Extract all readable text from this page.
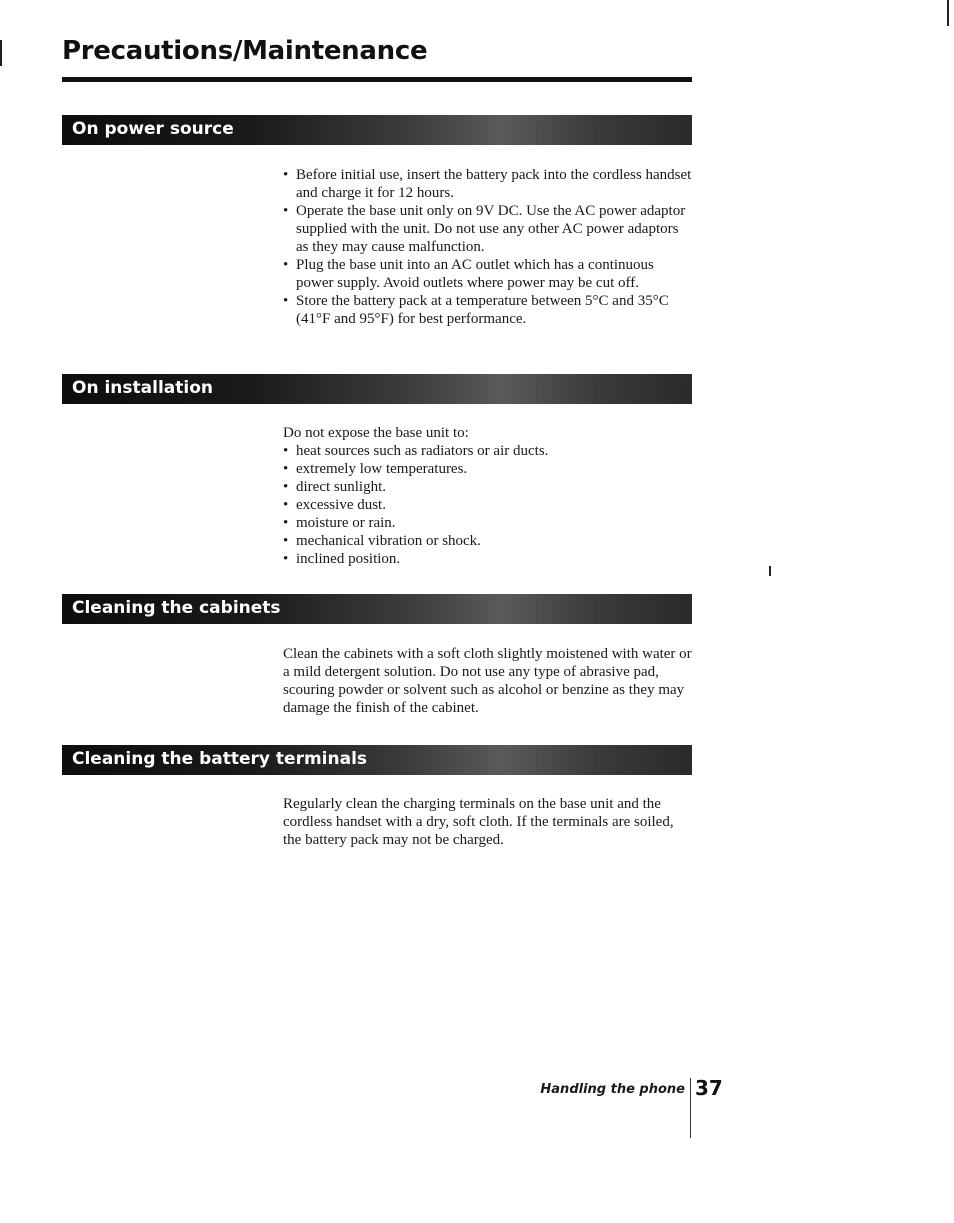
Precautions/Maintenance
On power source
• Before initial use, insert the battery pack into the cordless handset and charge it for 12 hours.
• Operate the base unit only on 9V DC. Use the AC power adaptor supplied with the unit. Do not use any other AC power adaptors as they may cause malfunction.
• Plug the base unit into an AC outlet which has a continuous power supply. Avoid outlets where power may be cut off.
• Store the battery pack at a temperature between 5°C and 35°C (41°F and 95°F) for best performance.
On installation
Do not expose the base unit to:
• heat sources such as radiators or air ducts.
• extremely low temperatures.
• direct sunlight.
• excessive dust.
• moisture or rain.
• mechanical vibration or shock.
• inclined position.
Cleaning the cabinets
Clean the cabinets with a soft cloth slightly moistened with water or a mild detergent solution. Do not use any type of abrasive pad, scouring powder or solvent such as alcohol or benzine as they may damage the finish of the cabinet.
Cleaning the battery terminals
Regularly clean the charging terminals on the base unit and the cordless handset with a dry, soft cloth. If the terminals are soiled, the battery pack may not be charged.
Handling the phone 37
